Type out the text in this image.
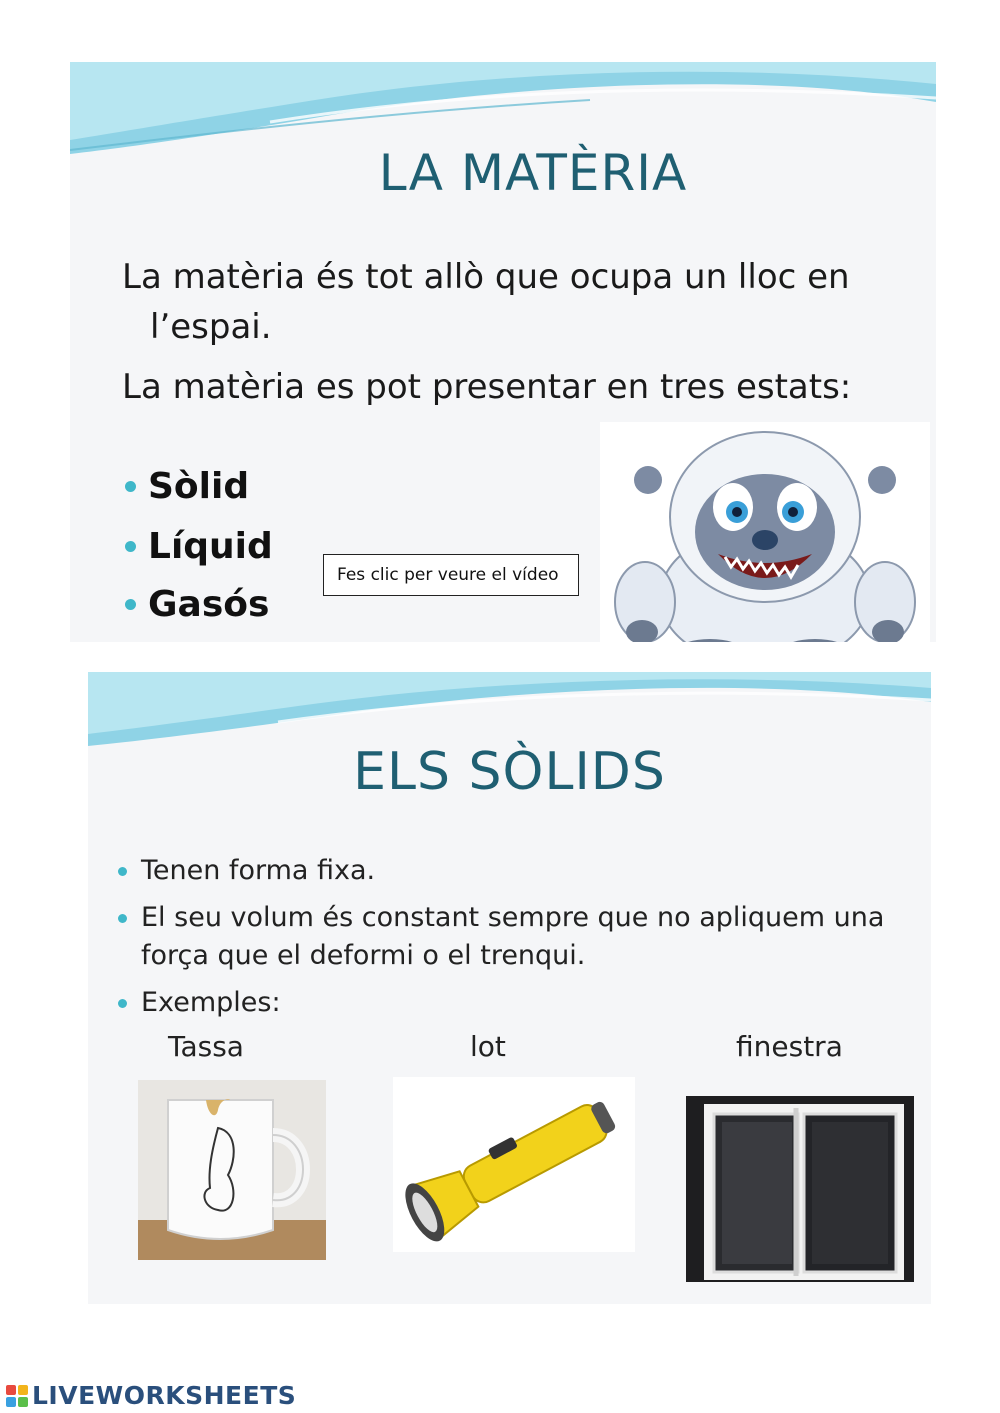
LA MATÈRIA

La matèria és tot allò que ocupa un lloc en l’espai.

La matèria es pot presentar en tres estats:

Sòlid
Líquid
Gasós
Fes clic per veure el vídeo
ELS SÒLIDS

Tenen forma fixa.

El seu volum és constant sempre que no apliquem una força que el deformi o el trenqui.

Exemples:

Tassa	lot	finestra
LIVEWORKSHEETS
